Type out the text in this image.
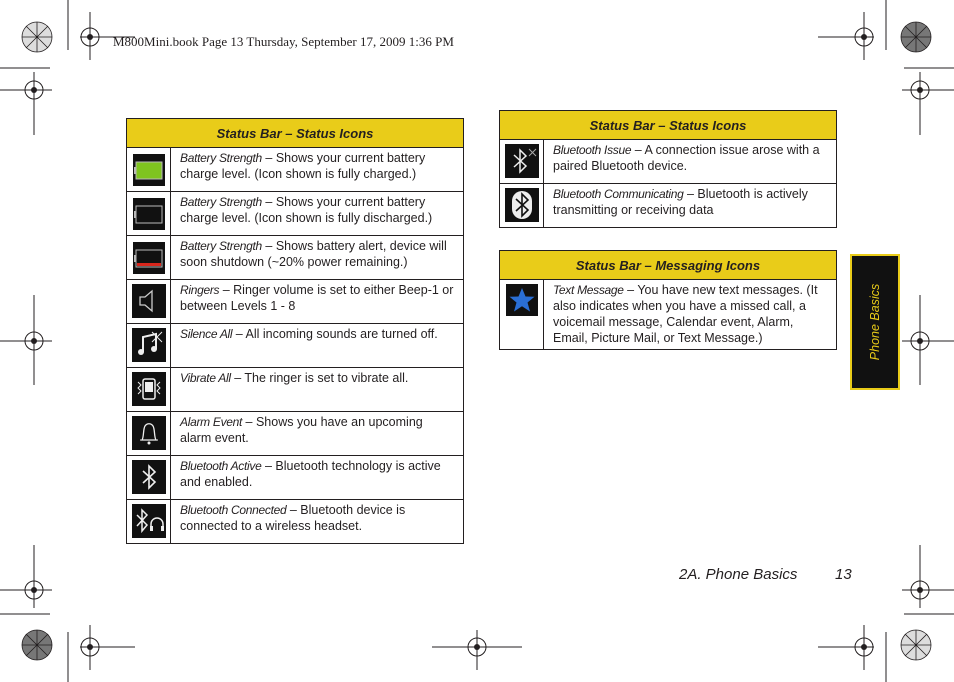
M800Mini.book Page 13 Thursday, September 17, 2009 1:36 PM
Status Bar – Status Icons	
	Battery Strength – Shows your current battery charge level. (Icon shown is fully charged.)
	Battery Strength – Shows your current battery charge level. (Icon shown is fully discharged.)
	Battery Strength – Shows battery alert, device will soon shutdown (~20% power remaining.)
	Ringers – Ringer volume is set to either Beep-1 or between Levels 1 - 8
	Silence All – All incoming sounds are turned off.
	Vibrate All – The ringer is set to vibrate all.
	Alarm Event – Shows you have an upcoming alarm event.
	Bluetooth Active – Bluetooth technology is active and enabled.
	Bluetooth Connected – Bluetooth device is connected to a wireless headset.
Status Bar – Status Icons	
	Bluetooth Issue – A connection issue arose with a paired Bluetooth device.
	Bluetooth Communicating – Bluetooth is actively transmitting or receiving data
Status Bar – Messaging Icons
	Text Message – You have new text messages. (It also indicates when you have a missed call, a voicemail message, Calendar event, Alarm, Email, Picture Mail, or Text Message.)	Phone Basics
2A. Phone Basics	13
